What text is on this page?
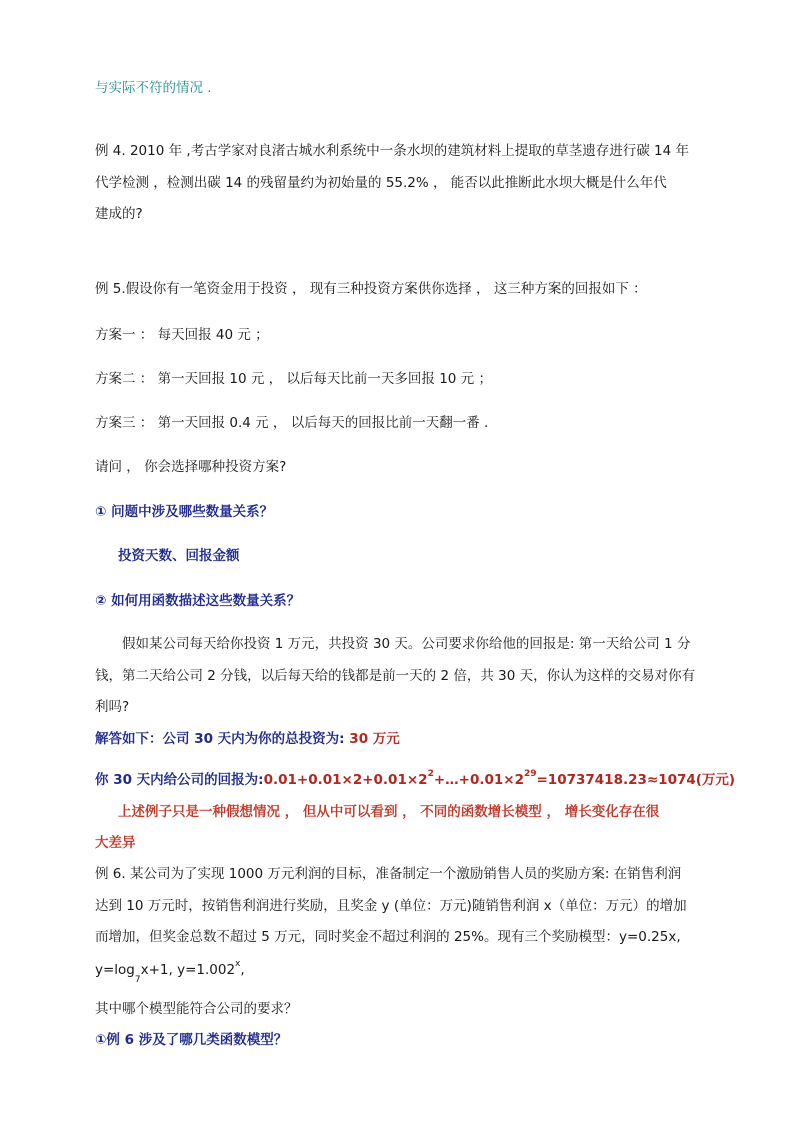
与实际不符的情况 .
例 4. 2010 年 ,考古学家对良渚古城水利系统中一条水坝的建筑材料上提取的草茎遗存进行碳 14 年
代学检测 ，检测出碳 14 的残留量约为初始量的 55.2% ， 能否以此推断此水坝大概是什么年代
建成的?
例 5.假设你有一笔资金用于投资 ， 现有三种投资方案供你选择 ， 这三种方案的回报如下 ：
方案一 ： 每天回报 40 元 ；
方案二 ： 第一天回报 10 元 ， 以后每天比前一天多回报 10 元 ；
方案三 ： 第一天回报 0.4 元 ， 以后每天的回报比前一天翻一番 .
请问 ， 你会选择哪种投资方案?
① 问题中涉及哪些数量关系？
投资天数、回报金额
② 如何用函数描述这些数量关系？
假如某公司每天给你投资 1 万元，共投资 30 天。公司要求你给他的回报是: 第一天给公司 1 分
钱，第二天给公司 2 分钱，以后每天给的钱都是前一天的 2 倍，共 30 天，你认为这样的交易对你有
利吗?
解答如下：公司 30 天内为你的总投资为: 30 万元
你 30 天内给公司的回报为$:0.01+0.01\times 2+0.01\times 2^2+\dots+0.01\times 2^{29}=10737418.23\approx 1074$(万元)
上述例子只是一种假想情况 ， 但从中可以看到 ， 不同的函数增长模型 ， 增长变化存在很
大差异
例 6. 某公司为了实现 1000 万元利润的目标，准备制定一个激励销售人员的奖励方案: 在销售利润
达到 10 万元时，按销售利润进行奖励，且奖金 y (单位：万元)随销售利润 x（单位：万元）的增加
而增加，但奖金总数不超过 5 万元，同时奖金不超过利润的 25%。现有三个奖励模型：y=0.25x,
$y=\log_7x+1$, $y=1.002^x$,
其中哪个模型能符合公司的要求？
①例 6 涉及了哪几类函数模型？
